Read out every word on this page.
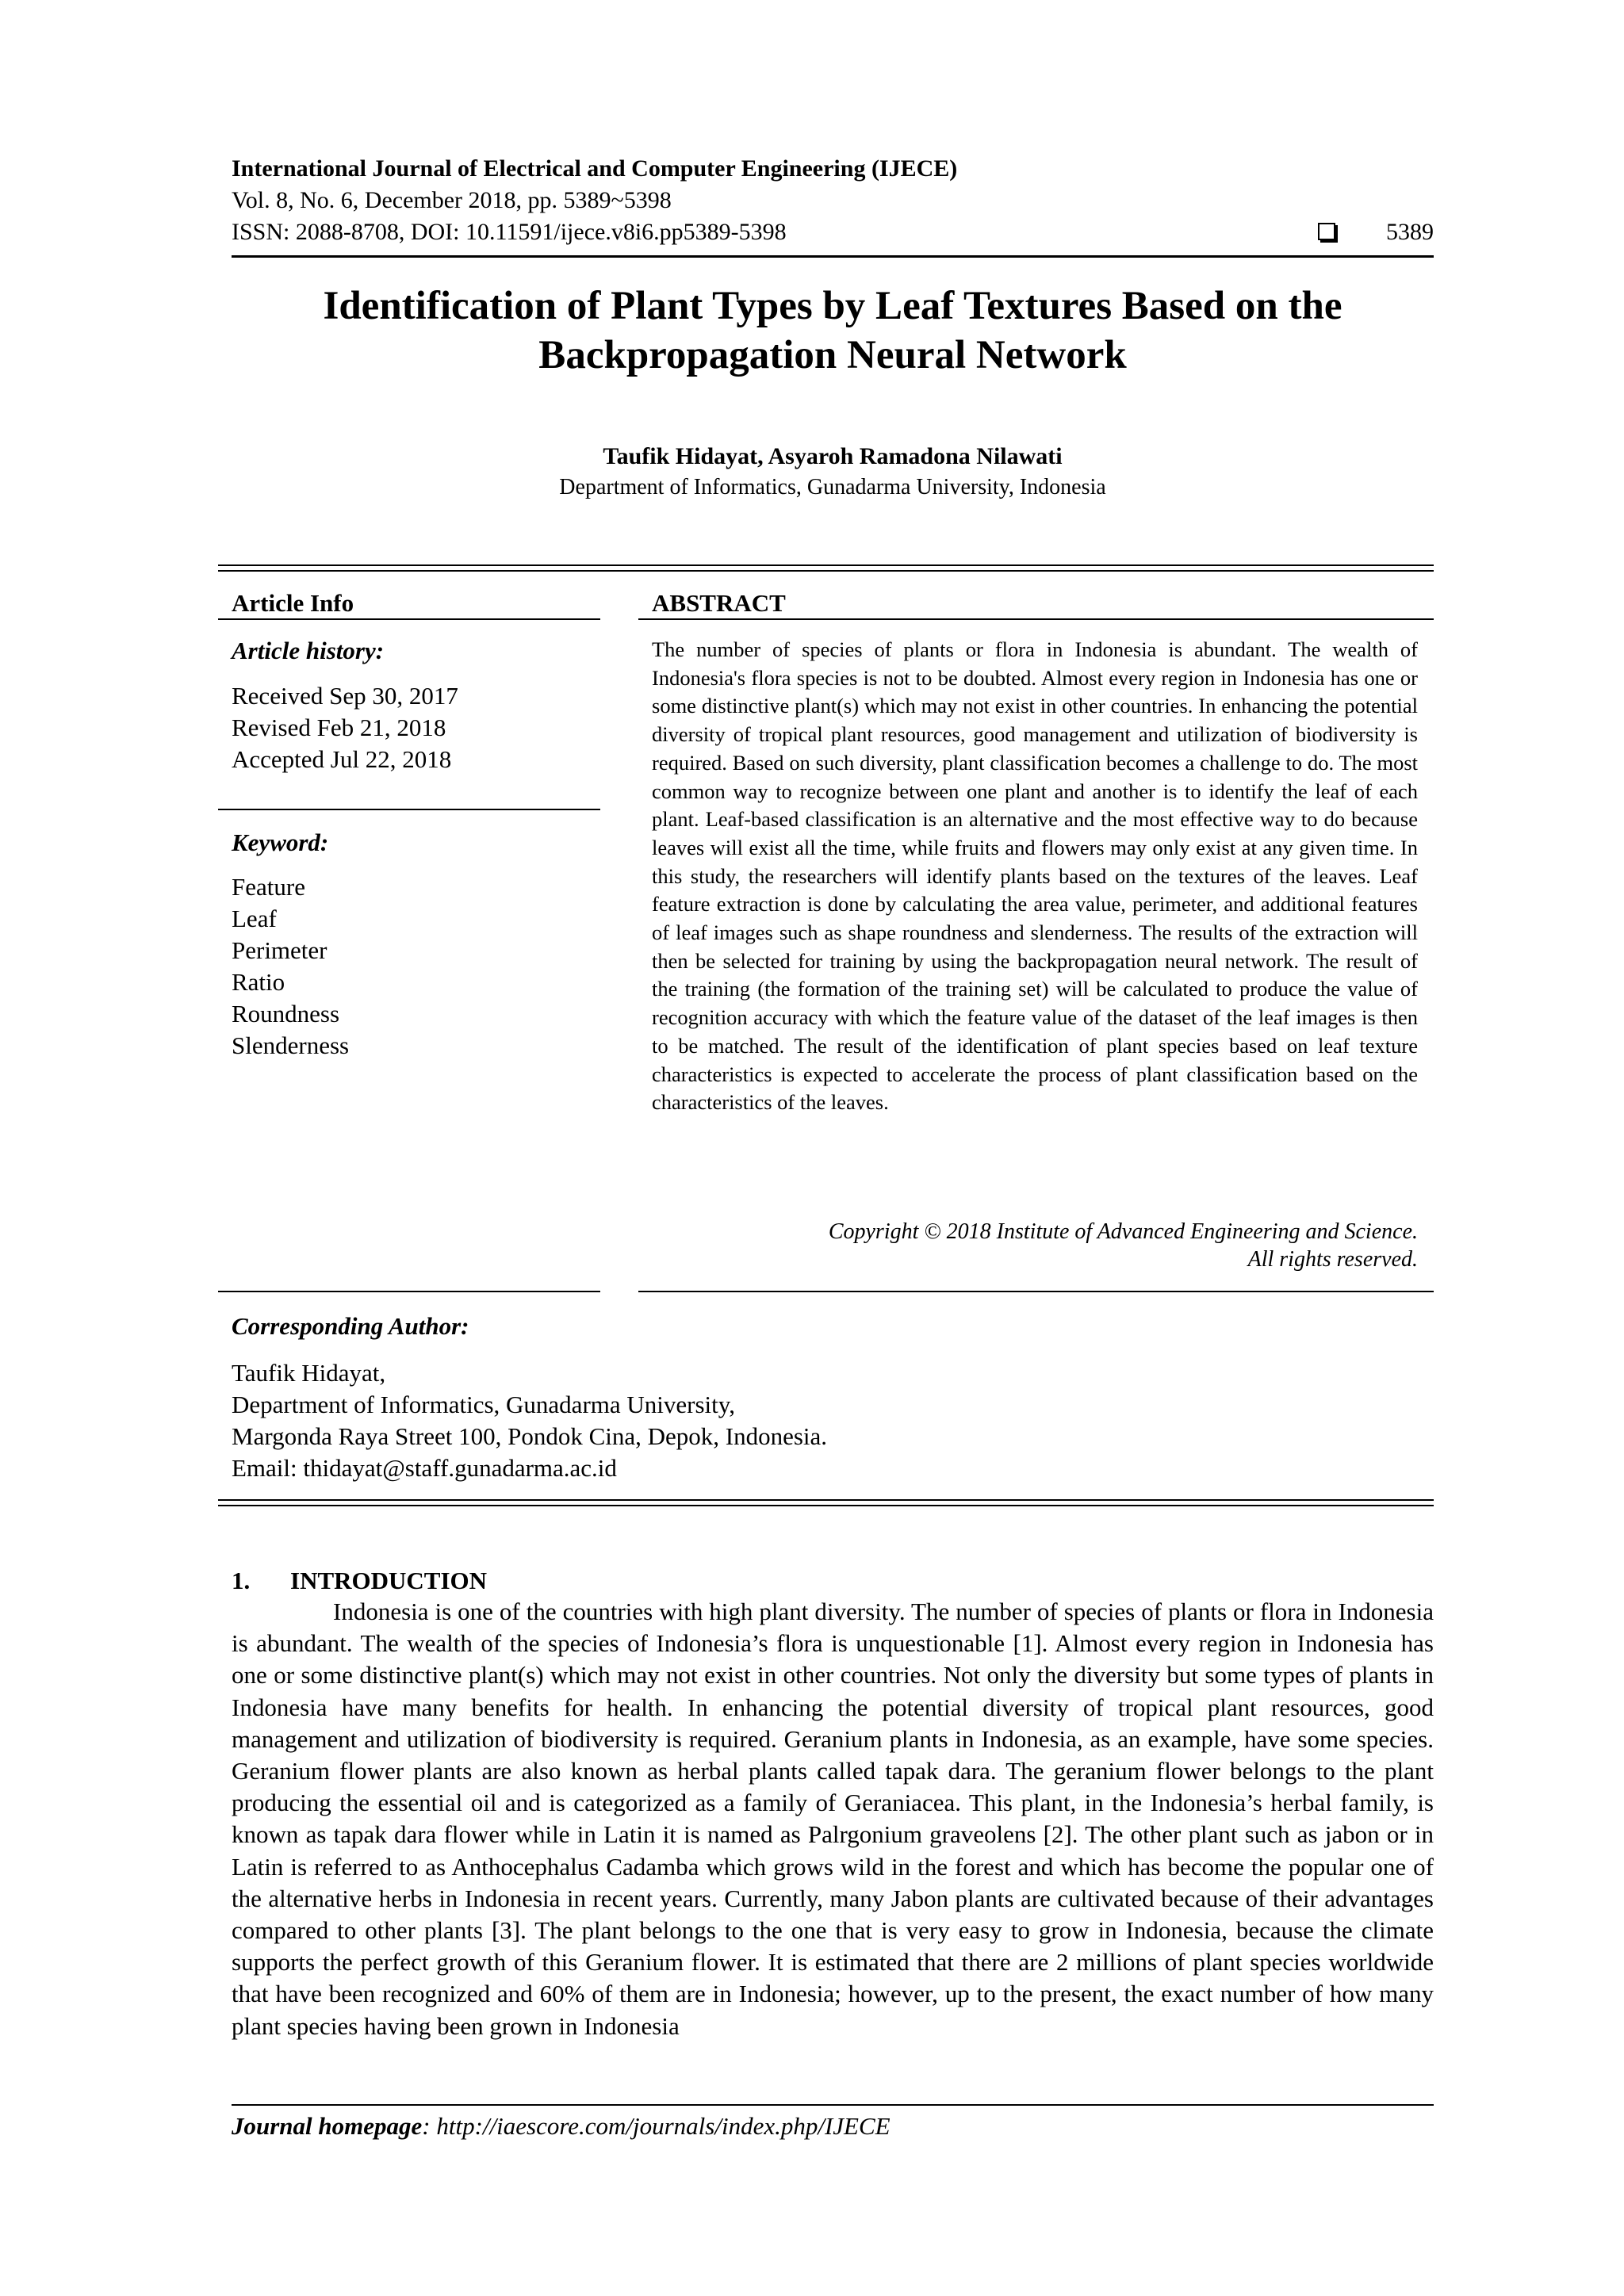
International Journal of Electrical and Computer Engineering (IJECE)
Vol. 8, No. 6, December 2018, pp. 5389~5398
ISSN: 2088-8708, DOI: 10.11591/ijece.v8i6.pp5389-5398	5389
Identification of Plant Types by Leaf Textures Based on the Backpropagation Neural Network
Taufik Hidayat, Asyaroh Ramadona Nilawati
Department of Informatics, Gunadarma University, Indonesia
Article Info
Article history:
Received Sep 30, 2017
Revised Feb 21, 2018
Accepted Jul 22, 2018
Keyword:
Feature
Leaf
Perimeter
Ratio
Roundness
Slenderness
ABSTRACT
The number of species of plants or flora in Indonesia is abundant. The wealth of Indonesia's flora species is not to be doubted. Almost every region in Indonesia has one or some distinctive plant(s) which may not exist in other countries. In enhancing the potential diversity of tropical plant resources, good management and utilization of biodiversity is required. Based on such diversity, plant classification becomes a challenge to do. The most common way to recognize between one plant and another is to identify the leaf of each plant. Leaf-based classification is an alternative and the most effective way to do because leaves will exist all the time, while fruits and flowers may only exist at any given time. In this study, the researchers will identify plants based on the textures of the leaves. Leaf feature extraction is done by calculating the area value, perimeter, and additional features of leaf images such as shape roundness and slenderness. The results of the extraction will then be selected for training by using the backpropagation neural network. The result of the training (the formation of the training set) will be calculated to produce the value of recognition accuracy with which the feature value of the dataset of the leaf images is then to be matched. The result of the identification of plant species based on leaf texture characteristics is expected to accelerate the process of plant classification based on the characteristics of the leaves.
Copyright © 2018 Institute of Advanced Engineering and Science.
All rights reserved.
Corresponding Author:
Taufik Hidayat,
Department of Informatics, Gunadarma University,
Margonda Raya Street 100, Pondok Cina, Depok, Indonesia.
Email: thidayat@staff.gunadarma.ac.id
1. INTRODUCTION
Indonesia is one of the countries with high plant diversity. The number of species of plants or flora in Indonesia is abundant. The wealth of the species of Indonesia’s flora is unquestionable [1]. Almost every region in Indonesia has one or some distinctive plant(s) which may not exist in other countries. Not only the diversity but some types of plants in Indonesia have many benefits for health. In enhancing the potential diversity of tropical plant resources, good management and utilization of biodiversity is required. Geranium plants in Indonesia, as an example, have some species. Geranium flower plants are also known as herbal plants called tapak dara. The geranium flower belongs to the plant producing the essential oil and is categorized as a family of Geraniacea. This plant, in the Indonesia’s herbal family, is known as tapak dara flower while in Latin it is named as Palrgonium graveolens [2]. The other plant such as jabon or in Latin is referred to as Anthocephalus Cadamba which grows wild in the forest and which has become the popular one of the alternative herbs in Indonesia in recent years. Currently, many Jabon plants are cultivated because of their advantages compared to other plants [3]. The plant belongs to the one that is very easy to grow in Indonesia, because the climate supports the perfect growth of this Geranium flower. It is estimated that there are 2 millions of plant species worldwide that have been recognized and 60% of them are in Indonesia; however, up to the present, the exact number of how many plant species having been grown in Indonesia
Journal homepage: http://iaescore.com/journals/index.php/IJECE
